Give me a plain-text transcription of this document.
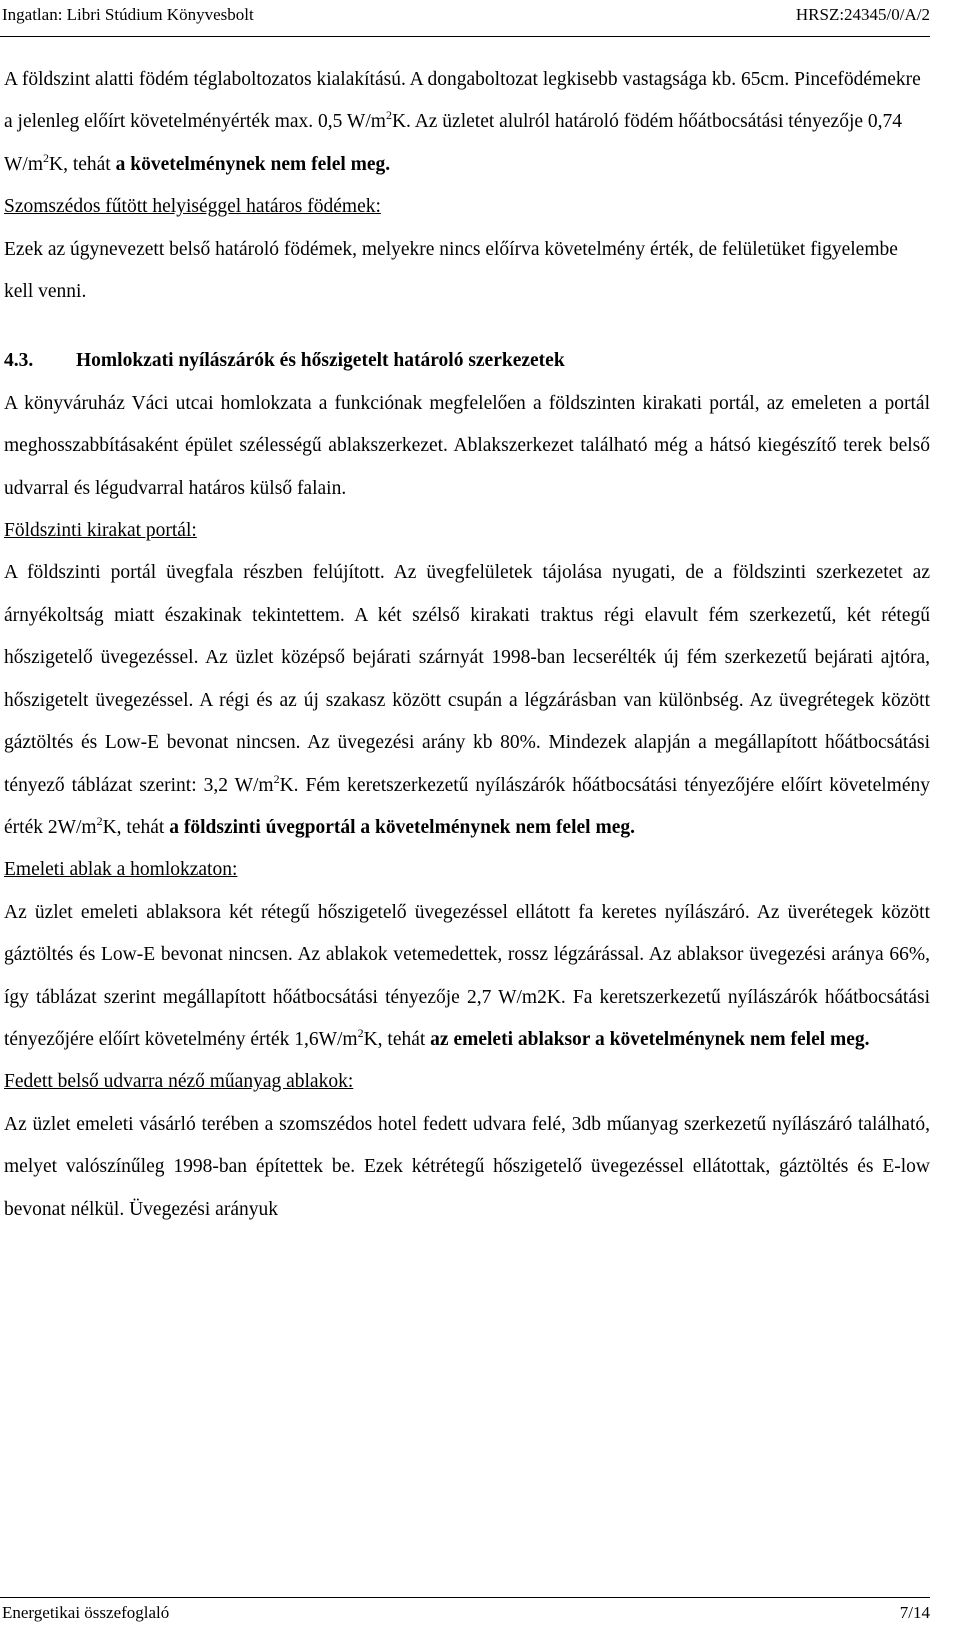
Ingatlan: Libri Stúdium Könyvesbolt	HRSZ:24345/0/A/2

A földszint alatti födém téglaboltozatos kialakítású. A dongaboltozat legkisebb vastagsága kb. 65cm. Pincefödémekre a jelenleg előírt követelményérték max. 0,5 $W/m^2K$. Az üzletet alulról határoló födém hőátbocsátási tényezője 0,74 $W/m^2K$, tehát a követelménynek nem felel meg.

Szomszédos fűtött helyiséggel határos födémek:

Ezek az úgynevezett belső határoló födémek, melyekre nincs előírva követelmény érték, de felületüket figyelembe kell venni.

4.3. Homlokzati nyílászárók és hőszigetelt határoló szerkezetek

A könyváruház Váci utcai homlokzata a funkciónak megfelelően a földszinten kirakati portál, az emeleten a portál meghosszabbításaként épület szélességű ablakszerkezet. Ablakszerkezet található még a hátsó kiegészítő terek belső udvarral és légudvarral határos külső falain.

Földszinti kirakat portál:

A földszinti portál üvegfala részben felújított. Az üvegfelületek tájolása nyugati, de a földszinti szerkezetet az árnyékoltság miatt északinak tekintettem. A két szélső kirakati traktus régi elavult fém szerkezetű, két rétegű hőszigetelő üvegezéssel. Az üzlet középső bejárati szárnyát 1998-ban lecserélték új fém szerkezetű bejárati ajtóra, hőszigetelt üvegezéssel. A régi és az új szakasz között csupán a légzárásban van különbség. Az üvegrétegek között gáztöltés és Low-E bevonat nincsen. Az üvegezési arány kb 80%. Mindezek alapján a megállapított hőátbocsátási tényező táblázat szerint: 3,2 $W/m^2K$. Fém keretszerkezetű nyílászárók hőátbocsátási tényezőjére előírt követelmény érték $2W/m^2K$, tehát a földszinti úvegportál a követelménynek nem felel meg.

Emeleti ablak a homlokzaton:

Az üzlet emeleti ablaksora két rétegű hőszigetelő üvegezéssel ellátott fa keretes nyílászáró. Az üverétegek között gáztöltés és Low-E bevonat nincsen. Az ablakok vetemedettek, rossz légzárással. Az ablaksor üvegezési aránya 66%, így táblázat szerint megállapított hőátbocsátási tényezője 2,7 W/m2K. Fa keretszerkezetű nyílászárók hőátbocsátási tényezőjére előírt követelmény érték $1,6W/m^2K$, tehát az emeleti ablaksor a követelménynek nem felel meg.

Fedett belső udvarra néző műanyag ablakok:

Az üzlet emeleti vásárló terében a szomszédos hotel fedett udvara felé, 3db műanyag szerkezetű nyílászáró található, melyet valószínűleg 1998-ban építettek be. Ezek kétrétegű hőszigetelő üvegezéssel ellátottak, gáztöltés és E-low bevonat nélkül. Üvegezési arányuk

Energetikai összefoglaló	7/14
